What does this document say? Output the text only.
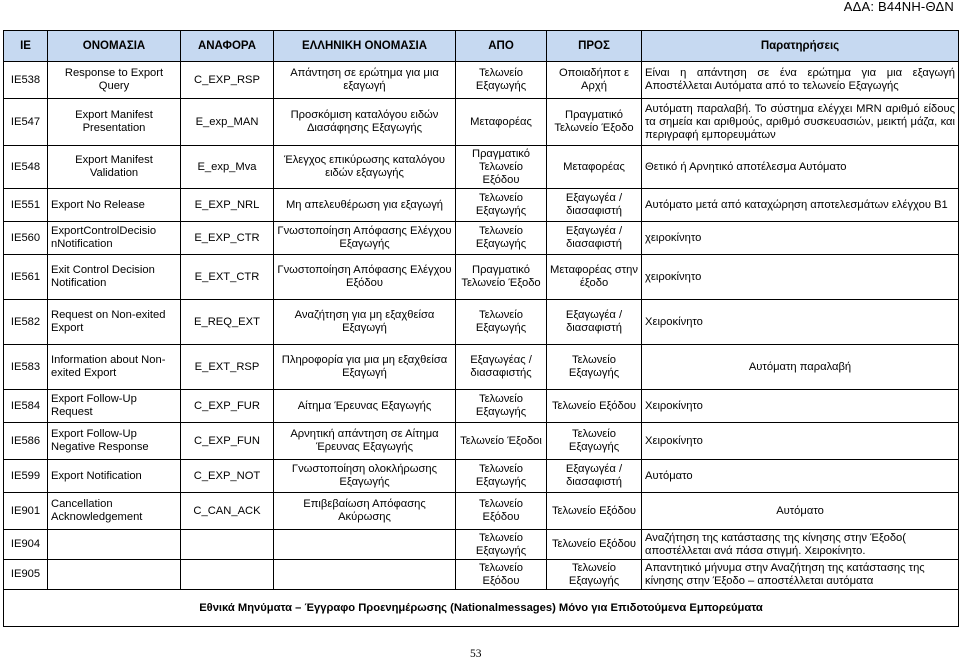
ΑΔΑ: Β44ΝΗ-ΘΔΝ
ΙΕ	ΟΝΟΜΑΣΙΑ	ΑΝΑΦΟΡΑ	ΕΛΛΗΝΙΚΗ ΟΝΟΜΑΣΙΑ	ΑΠΟ	ΠΡΟΣ	Παρατηρήσεις
IE538	Response to Export Query	C_EXP_RSP	Απάντηση σε ερώτημα για μια εξαγωγή	Τελωνείο Εξαγωγής	Οποιαδήποτ ε Αρχή	Είναι η απάντηση σε ένα ερώτημα για μια εξαγωγή Αποστέλλεται Αυτόματα από το τελωνείο Εξαγωγής
IE547	Export Manifest Presentation	E_exp_MAN	Προσκόμιση καταλόγου ειδών Διασάφησης Εξαγωγής	Μεταφορέας	Πραγματικό Τελωνείο Έξοδο	Αυτόματη παραλαβή. Το σύστημα ελέγχει MRN αριθμό είδους τα σημεία και αριθμούς, αριθμό συσκευασιών, μεικτή μάζα, και περιγραφή εμπορευμάτων
IE548	Export Manifest Validation	E_exp_Mva	Έλεγχος επικύρωσης καταλόγου ειδών εξαγωγής	Πραγματικό Τελωνείο Εξόδου	Μεταφορέας	Θετικό ή Αρνητικό αποτέλεσμα Αυτόματο
IE551	Export No Release	E_EXP_NRL	Μη απελευθέρωση για εξαγωγή	Τελωνείο Εξαγωγής	Εξαγωγέα /διασαφιστή	Αυτόματο μετά από καταχώρηση αποτελεσμάτων ελέγχου Β1
IE560	ExportControlDecisio nNotification	E_EXP_CTR	Γνωστοποίηση Απόφασης Ελέγχου Εξαγωγής	Τελωνείο Εξαγωγής	Εξαγωγέα /διασαφιστή	χειροκίνητο
IE561	Exit Control Decision Notification	E_EXT_CTR	Γνωστοποίηση Απόφασης Ελέγχου Εξόδου	Πραγματικό Τελωνείο Έξοδο	Μεταφορέας στην έξοδο	χειροκίνητο
IE582	Request on Non-exited Export	E_REQ_EXT	Αναζήτηση για μη εξαχθείσα Εξαγωγή	Τελωνείο Εξαγωγής	Εξαγωγέα /διασαφιστή	Χειροκίνητο
IE583	Information about Non-exited Export	E_EXT_RSP	Πληροφορία για μια μη εξαχθείσα Εξαγωγή	Εξαγωγέας /διασαφιστής	Τελωνείο Εξαγωγής	Αυτόματη παραλαβή
IE584	Export Follow-Up Request	C_EXP_FUR	Αίτημα Έρευνας Εξαγωγής	Τελωνείο Εξαγωγής	Τελωνείο Εξόδου	Χειροκίνητο
IE586	Export Follow-Up Negative Response	C_EXP_FUN	Αρνητική απάντηση σε Αίτημα Έρευνας Εξαγωγής	Τελωνείο Έξοδοι	Τελωνείο Εξαγωγής	Χειροκίνητο
IE599	Export Notification	C_EXP_NOT	Γνωστοποίηση ολοκλήρωσης Εξαγωγής	Τελωνείο Εξαγωγής	Εξαγωγέα /διασαφιστή	Αυτόματο
IE901	Cancellation Acknowledgement	C_CAN_ACK	Επιβεβαίωση Απόφασης Ακύρωσης	Τελωνείο Εξόδου	Τελωνείο Εξόδου	Αυτόματο
IE904				Τελωνείο Εξαγωγής	Τελωνείο Εξόδου	Αναζήτηση της κατάστασης της κίνησης στην Έξοδο( αποστέλλεται ανά πάσα στιγμή. Χειροκίνητο.
IE905				Τελωνείο Εξόδου	Τελωνείο Εξαγωγής	Απαντητικό μήνυμα στην Αναζήτηση της κατάστασης της κίνησης στην Έξοδο – αποστέλλεται αυτόματα
Εθνικά Μηνύματα – Έγγραφο Προενημέρωσης (Nationalmessages) Μόνο για Επιδοτούμενα Εμπορεύματα						
53
